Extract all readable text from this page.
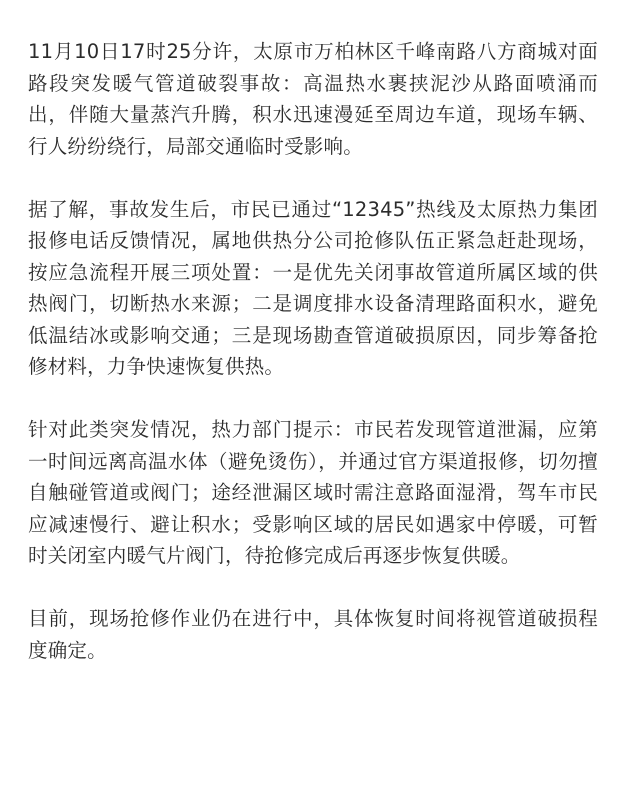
11月10日17时25分许，太原市万柏林区千峰南路八方商城对面路段突发暖气管道破裂事故：高温热水裹挟泥沙从路面喷涌而出，伴随大量蒸汽升腾，积水迅速漫延至周边车道，现场车辆、行人纷纷绕行，局部交通临时受影响。

据了解，事故发生后，市民已通过“12345”热线及太原热力集团报修电话反馈情况，属地供热分公司抢修队伍正紧急赶赴现场，按应急流程开展三项处置：一是优先关闭事故管道所属区域的供热阀门，切断热水来源；二是调度排水设备清理路面积水，避免低温结冰或影响交通；三是现场勘查管道破损原因，同步筹备抢修材料，力争快速恢复供热。

针对此类突发情况，热力部门提示：市民若发现管道泄漏，应第一时间远离高温水体（避免烫伤），并通过官方渠道报修，切勿擅自触碰管道或阀门；途经泄漏区域时需注意路面湿滑，驾车市民应减速慢行、避让积水；受影响区域的居民如遇家中停暖，可暂时关闭室内暖气片阀门，待抢修完成后再逐步恢复供暖。

目前，现场抢修作业仍在进行中，具体恢复时间将视管道破损程度确定。
